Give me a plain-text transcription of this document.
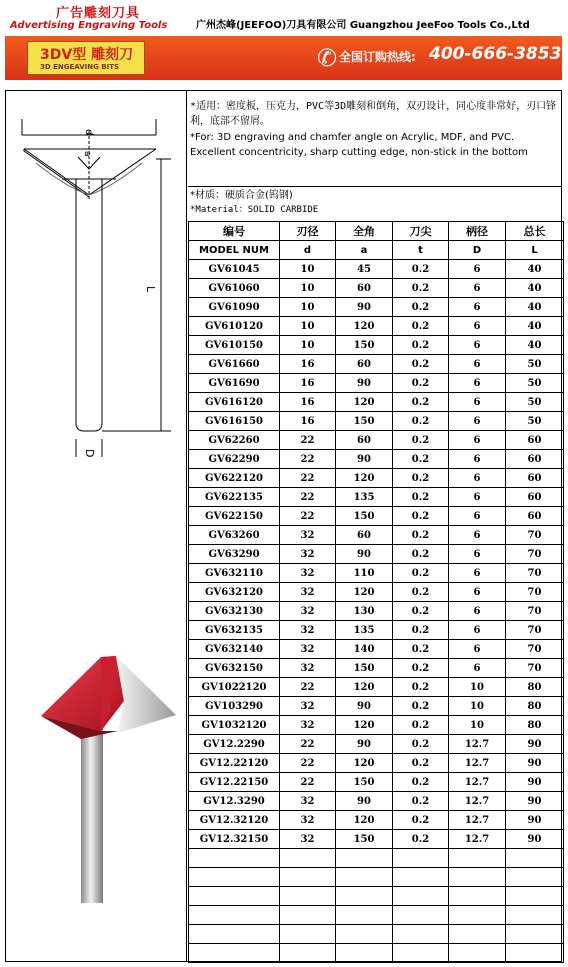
广告雕刻刀具
Advertising Engraving Tools	广州杰峰(JEEFOO)刀具有限公司 Guangzhou JeeFoo Tools Co.,Ltd
3DV型 雕刻刀
3D ENGEAVING BITS	✆ 全国订购热线: 400-666-3853
d
a
L
D
*适用：密度板，压克力，PVC等3D雕刻和倒角，双刃设计，同心度非常好，刃口锋利，底部不留屑。
*For: 3D engraving and chamfer angle on Acrylic, MDF, and PVC. Excellent concentricity, sharp cutting edge, non-stick in the bottom
*材质：硬质合金(钨钢)
*Material：SOLID CARBIDE
编号	刃径	全角	刀尖	柄径	总长
MODEL NUM	d	a	t	D	L
GV61045	10	45	0.2	6	40
GV61060	10	60	0.2	6	40
GV61090	10	90	0.2	6	40
GV610120	10	120	0.2	6	40
GV610150	10	150	0.2	6	40
GV61660	16	60	0.2	6	50
GV61690	16	90	0.2	6	50
GV616120	16	120	0.2	6	50
GV616150	16	150	0.2	6	50
GV62260	22	60	0.2	6	60
GV62290	22	90	0.2	6	60
GV622120	22	120	0.2	6	60
GV622135	22	135	0.2	6	60
GV622150	22	150	0.2	6	60
GV63260	32	60	0.2	6	70
GV63290	32	90	0.2	6	70
GV632110	32	110	0.2	6	70
GV632120	32	120	0.2	6	70
GV632130	32	130	0.2	6	70
GV632135	32	135	0.2	6	70
GV632140	32	140	0.2	6	70
GV632150	32	150	0.2	6	70
GV1022120	22	120	0.2	10	80
GV103290	32	90	0.2	10	80
GV1032120	32	120	0.2	10	80
GV12.2290	22	90	0.2	12.7	90
GV12.22120	22	120	0.2	12.7	90
GV12.22150	22	150	0.2	12.7	90
GV12.3290	32	90	0.2	12.7	90
GV12.32120	32	120	0.2	12.7	90
GV12.32150	32	150	0.2	12.7	90
